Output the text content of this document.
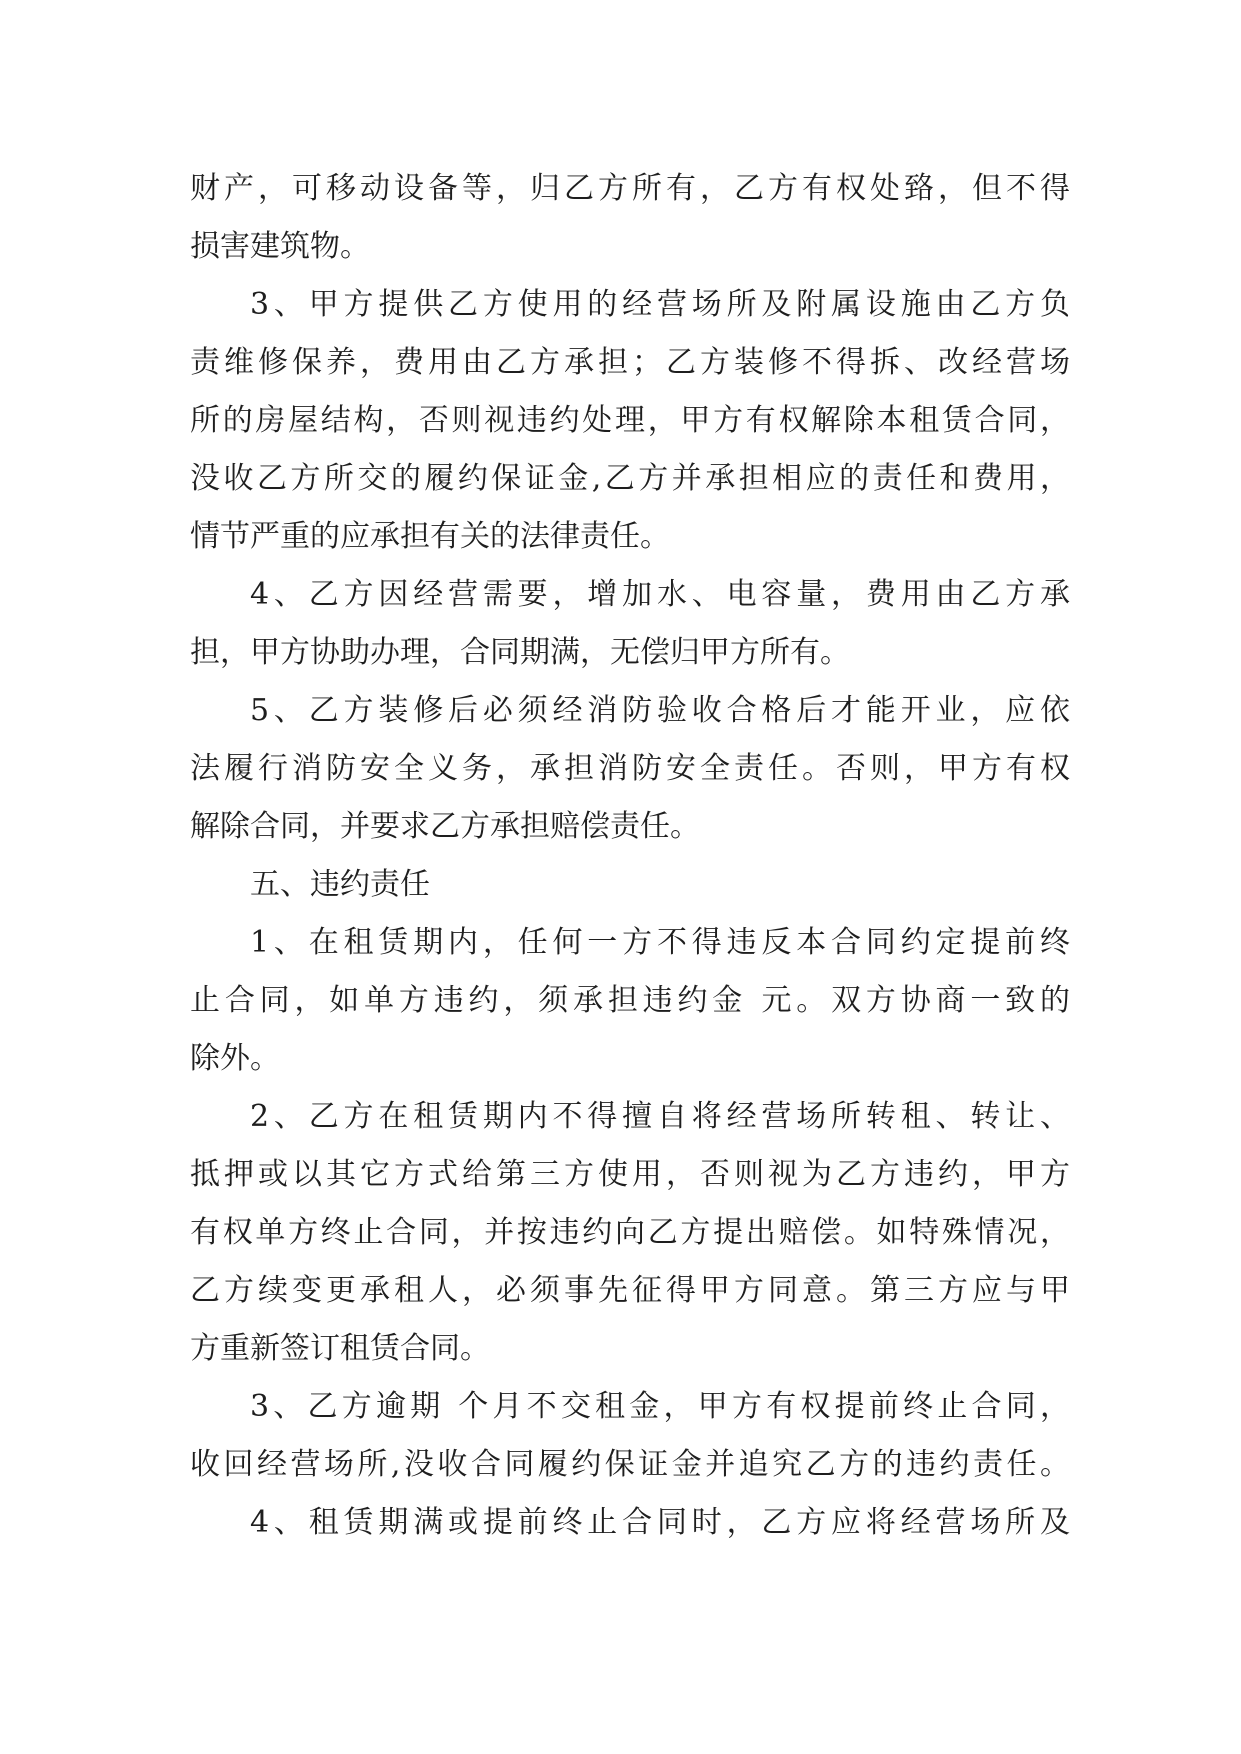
财产，可移动设备等，归乙方所有，乙方有权处臵，但不得
损害建筑物。
3、甲方提供乙方使用的经营场所及附属设施由乙方负
责维修保养，费用由乙方承担；乙方装修不得拆、改经营场
所的房屋结构，否则视违约处理，甲方有权解除本租赁合同，
没收乙方所交的履约保证金,乙方并承担相应的责任和费用，
情节严重的应承担有关的法律责任。
4、乙方因经营需要，增加水、电容量，费用由乙方承
担，甲方协助办理，合同期满，无偿归甲方所有。
5、乙方装修后必须经消防验收合格后才能开业，应依
法履行消防安全义务，承担消防安全责任。否则，甲方有权
解除合同，并要求乙方承担赔偿责任。
五、违约责任
1、在租赁期内，任何一方不得违反本合同约定提前终
止合同，如单方违约，须承担违约金 元。双方协商一致的
除外。
2、乙方在租赁期内不得擅自将经营场所转租、转让、
抵押或以其它方式给第三方使用，否则视为乙方违约，甲方
有权单方终止合同，并按违约向乙方提出赔偿。如特殊情况，
乙方续变更承租人，必须事先征得甲方同意。第三方应与甲
方重新签订租赁合同。
3、乙方逾期 个月不交租金，甲方有权提前终止合同，
收回经营场所,没收合同履约保证金并追究乙方的违约责任。
4、租赁期满或提前终止合同时，乙方应将经营场所及
